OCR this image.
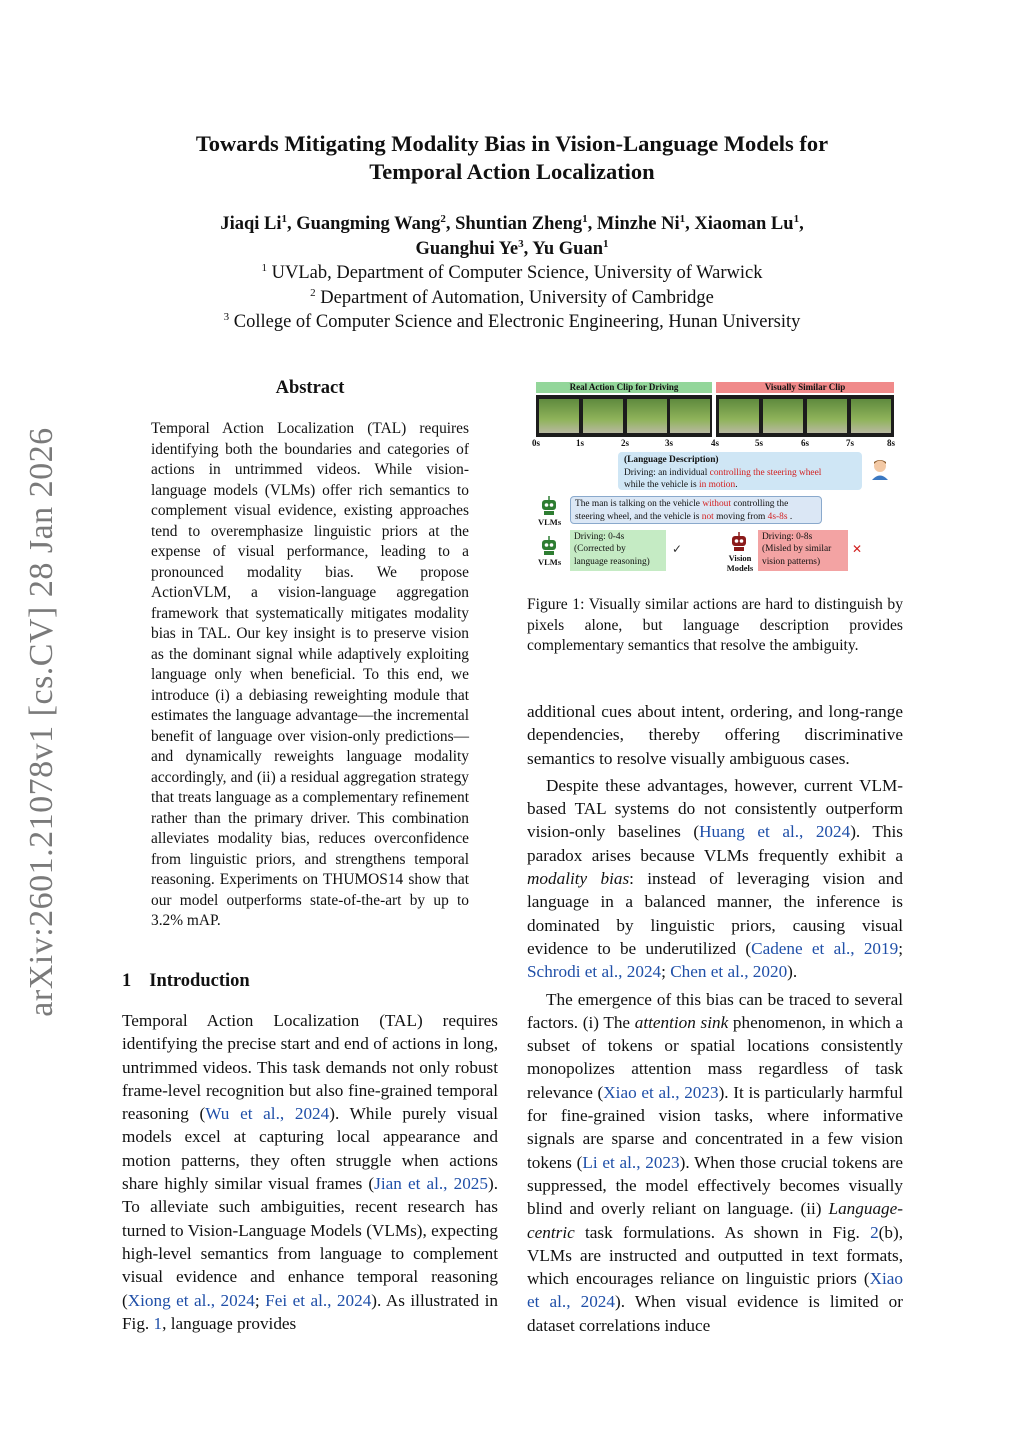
arXiv:2601.21078v1 [cs.CV] 28 Jan 2026
Towards Mitigating Modality Bias in Vision-Language Models for
Temporal Action Localization
Jiaqi Li$^1$, Guangming Wang$^2$, Shuntian Zheng$^1$, Minzhe Ni$^1$, Xiaoman Lu$^1$,
Guanghui Ye$^3$, Yu Guan$^1$
$^1$ UVLab, Department of Computer Science, University of Warwick
$^2$ Department of Automation, University of Cambridge
$^3$ College of Computer Science and Electronic Engineering, Hunan University
Abstract
Temporal Action Localization (TAL) requires identifying both the boundaries and categories of actions in untrimmed videos. While vision-language models (VLMs) offer rich semantics to complement visual evidence, existing approaches tend to overemphasize linguistic priors at the expense of visual performance, leading to a pronounced modality bias. We propose ActionVLM, a vision-language aggregation framework that systematically mitigates modality bias in TAL. Our key insight is to preserve vision as the dominant signal while adaptively exploiting language only when beneficial. To this end, we introduce (i) a debiasing reweighting module that estimates the language advantage—the incremental benefit of language over vision-only predictions—and dynamically reweights language modality accordingly, and (ii) a residual aggregation strategy that treats language as a complementary refinement rather than the primary driver. This combination alleviates modality bias, reduces overconfidence from linguistic priors, and strengthens temporal reasoning. Experiments on THUMOS14 show that our model outperforms state-of-the-art by up to 3.2% mAP.
1 Introduction

Temporal Action Localization (TAL) requires identifying the precise start and end of actions in long, untrimmed videos. This task demands not only robust frame-level recognition but also fine-grained temporal reasoning (Wu et al., 2024). While purely visual models excel at capturing local appearance and motion patterns, they often struggle when actions share highly similar visual frames (Jian et al., 2025). To alleviate such ambiguities, recent research has turned to Vision-Language Models (VLMs), expecting high-level semantics from language to complement visual evidence and enhance temporal reasoning (Xiong et al., 2024; Fei et al., 2024). As illustrated in Fig. 1, language provides

additional cues about intent, ordering, and long-range dependencies, thereby offering discriminative semantics to resolve visually ambiguous cases.

Despite these advantages, however, current VLM-based TAL systems do not consistently outperform vision-only baselines (Huang et al., 2024). This paradox arises because VLMs frequently exhibit a modality bias: instead of leveraging vision and language in a balanced manner, the inference is dominated by linguistic priors, causing visual evidence to be underutilized (Cadene et al., 2019; Schrodi et al., 2024; Chen et al., 2020).

The emergence of this bias can be traced to several factors. (i) The attention sink phenomenon, in which a subset of tokens or spatial locations consistently monopolizes attention mass regardless of task relevance (Xiao et al., 2023). It is particularly harmful for fine-grained vision tasks, where informative signals are sparse and concentrated in a few vision tokens (Li et al., 2023). When those crucial tokens are suppressed, the model effectively becomes visually blind and overly reliant on language. (ii) Language-centric task formulations. As shown in Fig. 2(b), VLMs are instructed and outputted in text formats, which encourages reliance on linguistic priors (Xiao et al., 2024). When visual evidence is limited or dataset correlations induce

Real Action Clip for Driving	Visually Similar Clip
0s	1s	2s	3s	4s	5s	6s	7s	8s
(Language Description)
Driving: an individual controlling the steering wheel
while the vehicle is in motion.
VLMs
The man is talking on the vehicle without controlling the
steering wheel, and the vehicle is not moving from 4s-8s .
VLMs
Driving: 0-4s
(Corrected by
language reasoning)
✓
Vision Models
Driving: 0-8s
(Misled by similar
vision patterns)
✕
Figure 1: Visually similar actions are hard to distinguish by pixels alone, but language description provides complementary semantics that resolve the ambiguity.
